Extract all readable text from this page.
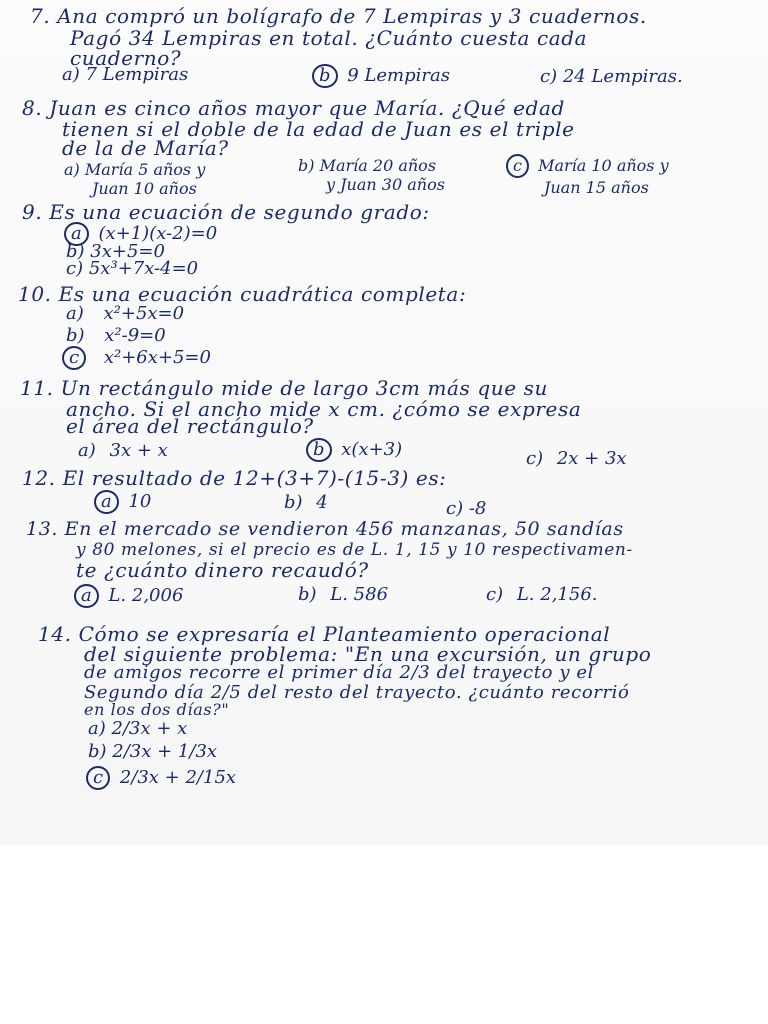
7. Ana compró un bolígrafo de 7 Lempiras y 3 cuadernos.
Pagó 34 Lempiras en total. ¿Cuánto cuesta cada
cuaderno?
a) 7 Lempiras	b 9 Lempiras	c) 24 Lempiras.
8. Juan es cinco años mayor que María. ¿Qué edad
tienen si el doble de la edad de Juan es el triple
de la de María?
a) María 5 años y
Juan 10 años
b) María 20 años
y Juan 30 años
c María 10 años y
Juan 15 años
9. Es una ecuación de segundo grado:
a (x+1)(x-2)=0
b) 3x+5=0
c) 5x³+7x-4=0
10. Es una ecuación cuadrática completa:
a) x²+5x=0
b) x²-9=0
c x²+6x+5=0
11. Un rectángulo mide de largo 3cm más que su
ancho. Si el ancho mide x cm. ¿cómo se expresa
el área del rectángulo?
a) 3x + x	b x(x+3)	c) 2x + 3x
12. El resultado de 12+(3+7)-(15-3) es:
a 10	b) 4	c) -8
13. En el mercado se vendieron 456 manzanas, 50 sandías
y 80 melones, si el precio es de L. 1, 15 y 10 respectivamen-
te ¿cuánto dinero recaudó?
a L. 2,006	b) L. 586	c) L. 2,156.
14. Cómo se expresaría el Planteamiento operacional
del siguiente problema: "En una excursión, un grupo
de amigos recorre el primer día 2/3 del trayecto y el
Segundo día 2/5 del resto del trayecto. ¿cuánto recorrió
en los dos días?"
a) 2/3x + x
b) 2/3x + 1/3x
c 2/3x + 2/15x
